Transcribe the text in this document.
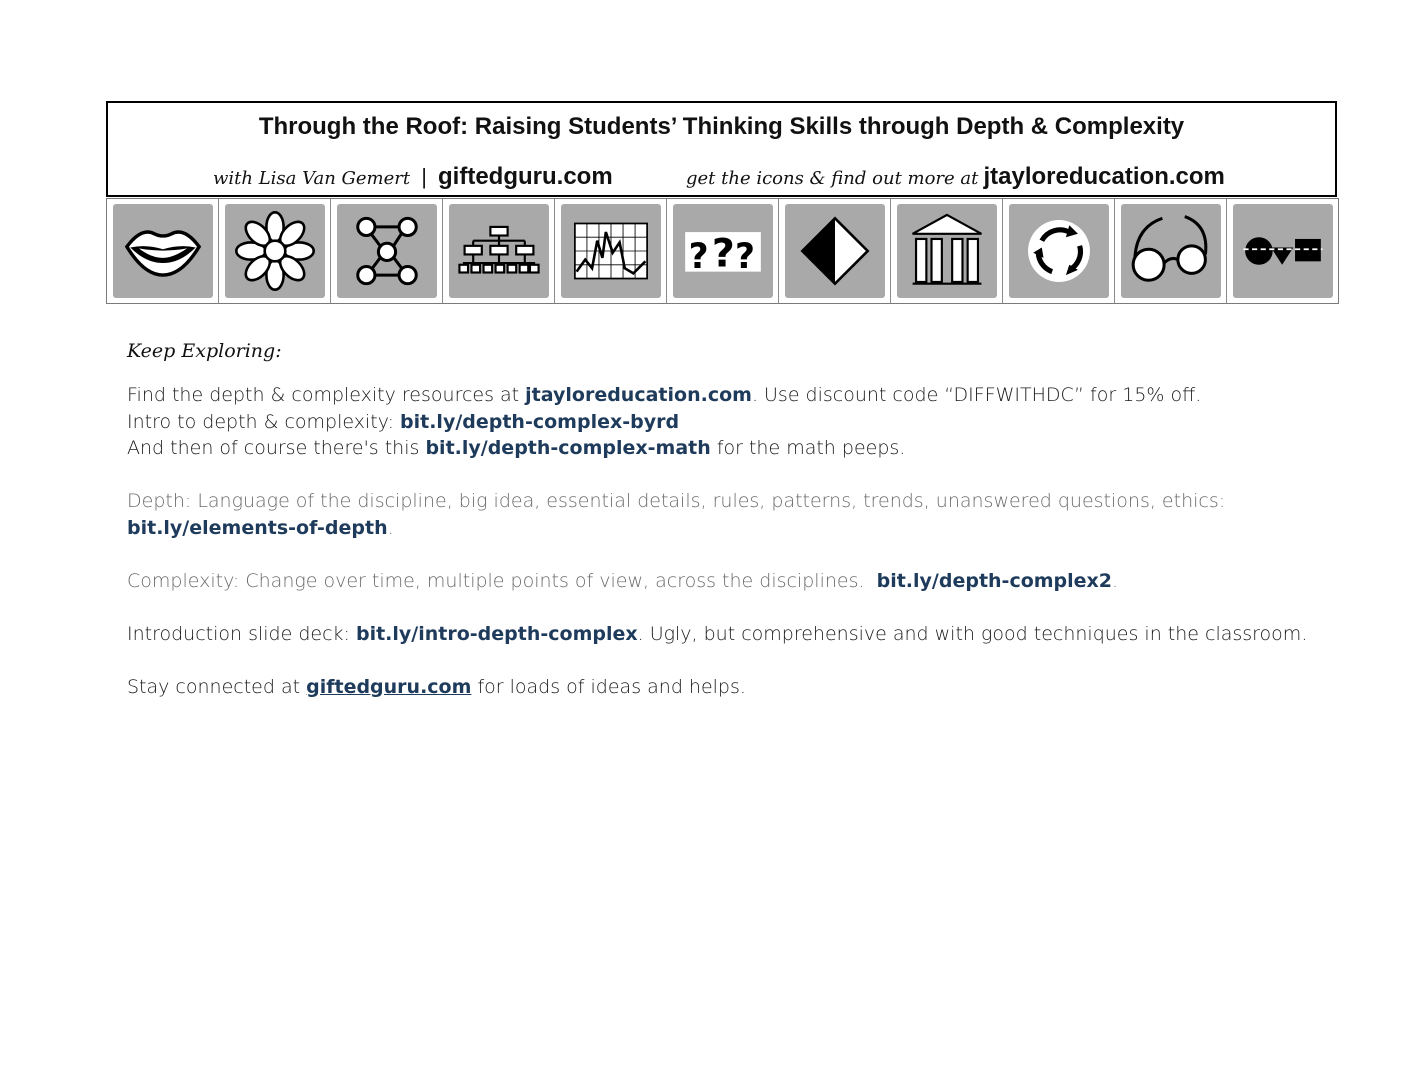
Through the Roof: Raising Students’ Thinking Skills through Depth & Complexity
with Lisa Van Gemert | giftedguru.com	get the icons & find out more at jtayloreducation.com
? ? ?
Keep Exploring:

Find the depth & complexity resources at jtayloreducation.com. Use discount code “DIFFWITHDC” for 15% off.

Intro to depth & complexity: bit.ly/depth-complex-byrd

And then of course there's this bit.ly/depth-complex-math for the math peeps.

Depth: Language of the discipline, big idea, essential details, rules, patterns, trends, unanswered questions, ethics:
bit.ly/elements-of-depth.

Complexity: Change over time, multiple points of view, across the disciplines.  bit.ly/depth-complex2.

Introduction slide deck: bit.ly/intro-depth-complex. Ugly, but comprehensive and with good techniques in the classroom.

Stay connected at giftedguru.com for loads of ideas and helps.
